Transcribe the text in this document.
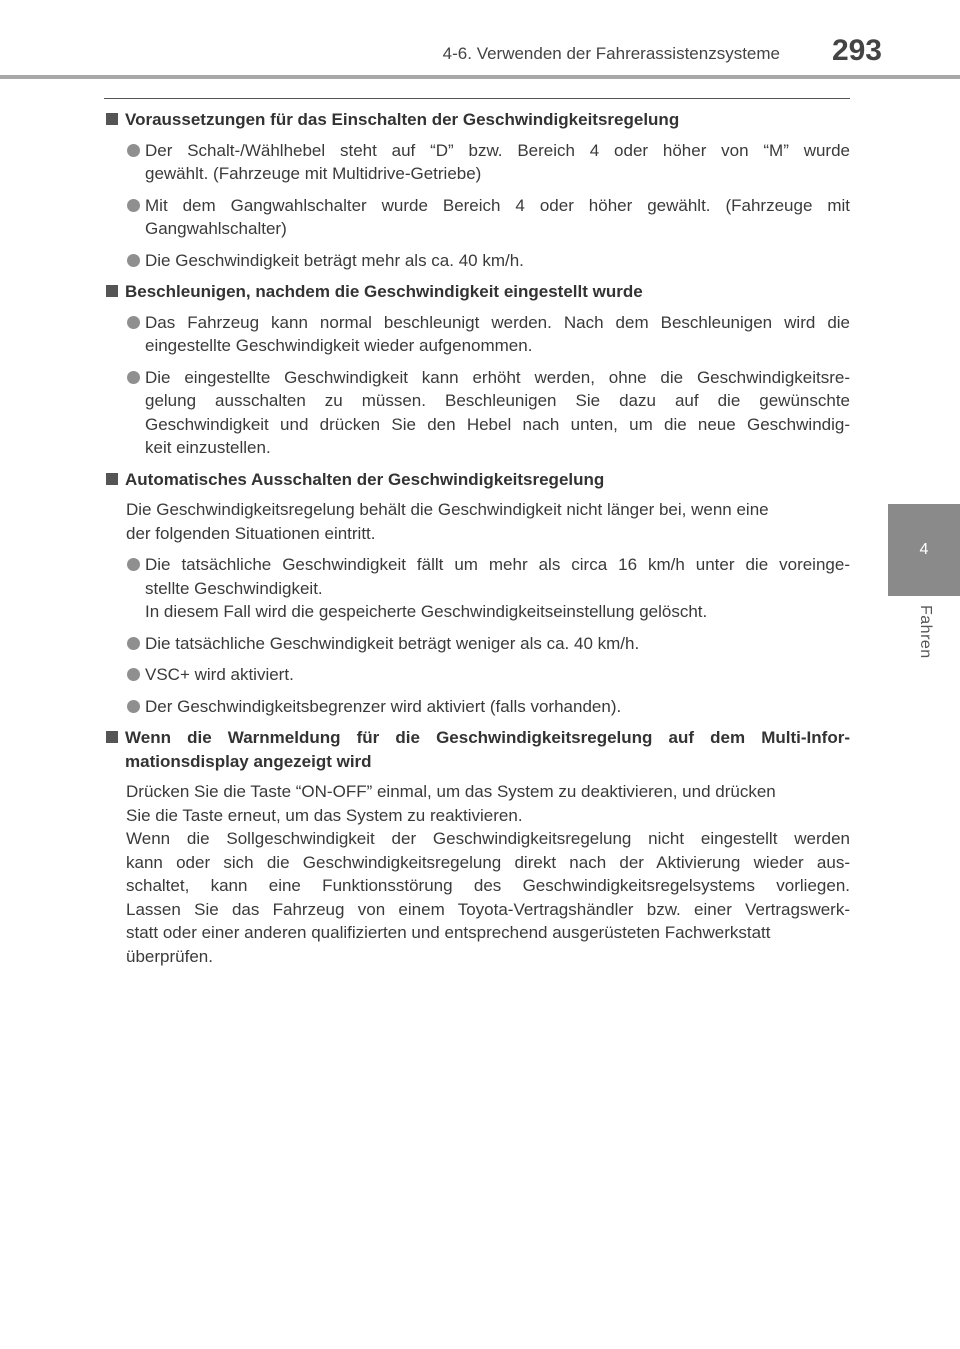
4-6. Verwenden der Fahrerassistenzsysteme 293
4
Fahren
Voraussetzungen für das Einschalten der Geschwindigkeitsregelung
Der Schalt-/Wählhebel steht auf “D” bzw. Bereich 4 oder höher von “M” wurde
gewählt. (Fahrzeuge mit Multidrive-Getriebe)
Mit dem Gangwahlschalter wurde Bereich 4 oder höher gewählt. (Fahrzeuge mit
Gangwahlschalter)
Die Geschwindigkeit beträgt mehr als ca. 40 km/h.
Beschleunigen, nachdem die Geschwindigkeit eingestellt wurde
Das Fahrzeug kann normal beschleunigt werden. Nach dem Beschleunigen wird die
eingestellte Geschwindigkeit wieder aufgenommen.
Die eingestellte Geschwindigkeit kann erhöht werden, ohne die Geschwindigkeitsre-
gelung ausschalten zu müssen. Beschleunigen Sie dazu auf die gewünschte
Geschwindigkeit und drücken Sie den Hebel nach unten, um die neue Geschwindig-
keit einzustellen.
Automatisches Ausschalten der Geschwindigkeitsregelung
Die Geschwindigkeitsregelung behält die Geschwindigkeit nicht länger bei, wenn eine
der folgenden Situationen eintritt.
Die tatsächliche Geschwindigkeit fällt um mehr als circa 16 km/h unter die voreinge-
stellte Geschwindigkeit.
In diesem Fall wird die gespeicherte Geschwindigkeitseinstellung gelöscht.
Die tatsächliche Geschwindigkeit beträgt weniger als ca. 40 km/h.
VSC+ wird aktiviert.
Der Geschwindigkeitsbegrenzer wird aktiviert (falls vorhanden).
Wenn die Warnmeldung für die Geschwindigkeitsregelung auf dem Multi-Infor-
mationsdisplay angezeigt wird
Drücken Sie die Taste “ON-OFF” einmal, um das System zu deaktivieren, und drücken
Sie die Taste erneut, um das System zu reaktivieren.
Wenn die Sollgeschwindigkeit der Geschwindigkeitsregelung nicht eingestellt werden
kann oder sich die Geschwindigkeitsregelung direkt nach der Aktivierung wieder aus-
schaltet, kann eine Funktionsstörung des Geschwindigkeitsregelsystems vorliegen.
Lassen Sie das Fahrzeug von einem Toyota-Vertragshändler bzw. einer Vertragswerk-
statt oder einer anderen qualifizierten und entsprechend ausgerüsteten Fachwerkstatt
überprüfen.
